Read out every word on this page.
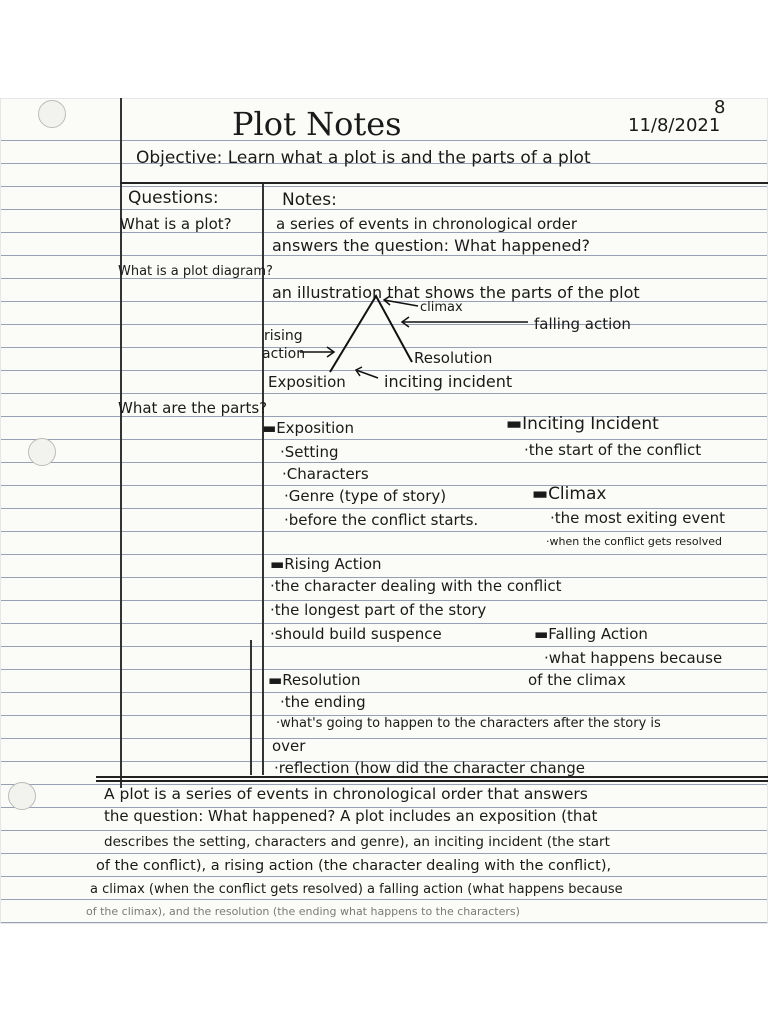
8
Plot Notes	11/8/2021
Objective: Learn what a plot is and the parts of a plot
Questions:	Notes:
What is a plot?	a series of events in chronological order
answers the question: What happened?
What is a plot diagram?
an illustration that shows the parts of the plot
climax
falling action
rising
action	Resolution
Exposition inciting incident
What are the parts?
▬Exposition
·Setting
·Characters
·Genre (type of story)
·before the conflict starts.
▬Inciting Incident
·the start of the conflict
▬Climax
·the most exiting event
·when the conflict gets resolved
▬Rising Action
·the character dealing with the conflict
·the longest part of the story
·should build suspence	▬Falling Action
·what happens because
of the climax
▬Resolution
·the ending
·what's going to happen to the characters after the story is
over
·reflection (how did the character change
A plot is a series of events in chronological order that answers
the question: What happened? A plot includes an exposition (that
describes the setting, characters and genre), an inciting incident (the start
of the conflict), a rising action (the character dealing with the conflict),
a climax (when the conflict gets resolved) a falling action (what happens because
of the climax), and the resolution (the ending what happens to the characters)
